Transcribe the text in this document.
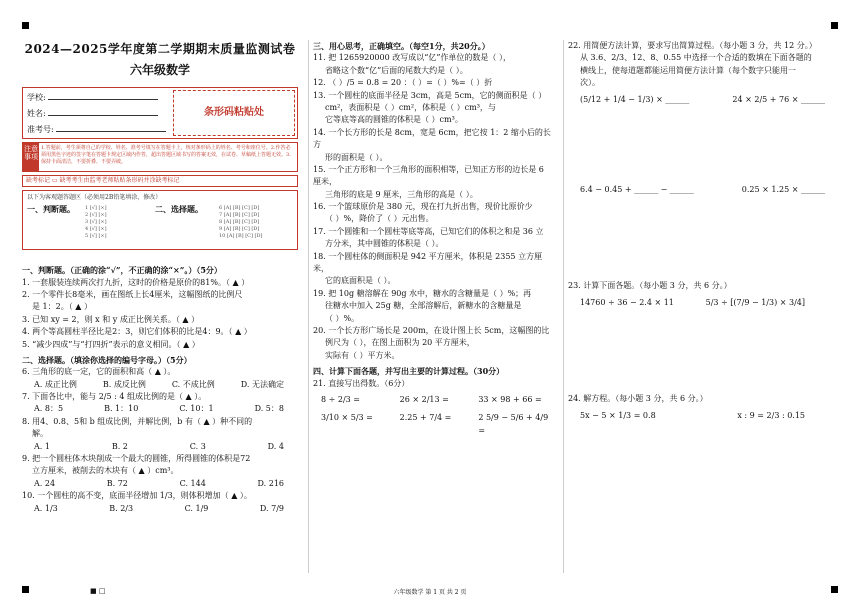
2024—2025学年度第二学期期末质量监测试卷
六年级数学
学校:
姓名:
准考号:
条形码粘贴处
注意事项
1.答题前，考生须将自己的学校、姓名、准考号填写在答题卡上，核对条形码上的姓名、考号和座位号。2.作答必须用黑色字迹的签字笔在答题卡规定区域内作答，超出答题区域书写的答案无效，在试卷、草稿纸上答题无效。3.保持卡面清洁，不要折叠、不要弄破。
缺考标记 ▭ 缺考考生由监考老师粘贴条形码并涂缺考标记
以下为客观题答题区（必须用2B铅笔填涂，修改）
一、判断题。 1 [√] [×]
2 [√] [×]
3 [√] [×]
4 [√] [×]
5 [√] [×]
二、选择题。	6 [A] [B] [C] [D]
7 [A] [B] [C] [D]
8 [A] [B] [C] [D]
9 [A] [B] [C] [D]
10 [A] [B] [C] [D]
一、判断题。（正确的涂“√”，不正确的涂“×”。）（5分）
1. 一套服装连续两次打九折，这时的价格是原价的81%。（ ▲ ）
2. 一个零件长8毫米，画在图纸上长4厘米，这幅图纸的比例尺
是 1：2。（ ▲ ）
3. 已知 xy = 2，则 x 和 y 成正比例关系。（ ▲ ）
4. 两个等高圆柱半径比是2：3，则它们体积的比是4：9。（ ▲ ）
5. “减少四成”与“打四折”表示的意义相同。（ ▲ ）
二、选择题。（填涂你选择的编号字母。）（5分）
6. 三角形的底一定，它的面积和高（ ▲ ）。
A. 成正比例	B. 成反比例	C. 不成比例	D. 无法确定
7. 下面各比中，能与 2/5 : 4 组成比例的是（ ▲ ）。
A. 8：5	B. 1：10	C. 10：1	D. 5：8
8. 用4、0.8、5和 b 组成比例，并解比例，b 有（ ▲ ）种不同的
解。
A. 1	B. 2	C. 3	D. 4
9. 把一个圆柱体木块削成一个最大的圆锥，所得圆锥的体积是72
立方厘米，被削去的木块有（ ▲ ）cm³。
A. 24	B. 72	C. 144	D. 216
10. 一个圆柱的高不变，底面半径增加 1/3，则体积增加（ ▲ ）。
A. 1/3	B. 2/3	C. 1/9	D. 7/9
三、用心思考，正确填空。（每空1分，共20分。）
11. 把 1265920000 改写成以“亿”作单位的数是（ ），
省略这个数“亿”后面的尾数大约是（ ）。
12. （ ）/5 = 0.8 = 20 ：（ ）=（ ）%=（ ）折
13. 一个圆柱的底面半径是 3cm，高是 5cm，它的侧面积是（ ）
cm²，表面积是（ ）cm²，体积是（ ）cm³，与
它等底等高的圆锥的体积是（ ）cm³。
14. 一个长方形的长是 8cm，宽是 6cm，把它按 1：2 缩小后的长方
形的面积是（ ）。
15. 一个正方形和一个三角形的面积相等，已知正方形的边长是 6 厘米，
三角形的底是 9 厘米，三角形的高是（ ）。
16. 一个篮球原价是 380 元，现在打九折出售，现价比原价少
（ ）%，降价了（ ）元出售。
17. 一个圆锥和一个圆柱等底等高，已知它们的体积之和是 36 立
方分米，其中圆锥的体积是（ ）。
18. 一个圆柱体的侧面积是 942 平方厘米，体积是 2355 立方厘米，
它的底面积是（ ）。
19. 把 10g 糖溶解在 90g 水中，糖水的含糖量是（ ）%；再
往糖水中加入 25g 糖，全部溶解后，新糖水的含糖量是
（ ）%。
20. 一个长方形广场长是 200m，在设计图上长 5cm，这幅图的比
例尺为（ ），在图上面积为 20 平方厘米，
实际有（ ）平方米。
四、计算下面各题，并写出主要的计算过程。（30分）
21. 直接写出得数。（6分）
8 ÷ 2/3 =	26 × 2/13 =	33 × 98 + 66 =
3/10 × 5/3 =	2.25 + 7/4 =	2 5/9 − 5/6 + 4/9 =
22. 用简便方法计算，要求写出简算过程。（每小题 3 分，共 12 分。）
从 3.6、2/3、12、8、0.55 中选择一个合适的数填在下面各题的
横线上，使每道题都能运用简便方法计算（每个数字只能用一
次）。
(5/12 + 1/4 − 1/3) × ______	24 × 2/5 + 76 × ______
6.4 − 0.45 + ______ − ______	0.25 × 1.25 × ______
23. 计算下面各题。（每小题 3 分，共 6 分。）
14760 ÷ 36 − 2.4 × 11	5/3 ÷ [(7/9 − 1/3) × 3/4]
24. 解方程。（每小题 3 分，共 6 分。）
5x − 5 × 1/3 = 0.8	x : 9 = 2/3 : 0.15
■ □	六年级数学 第 1 页 共 2 页
